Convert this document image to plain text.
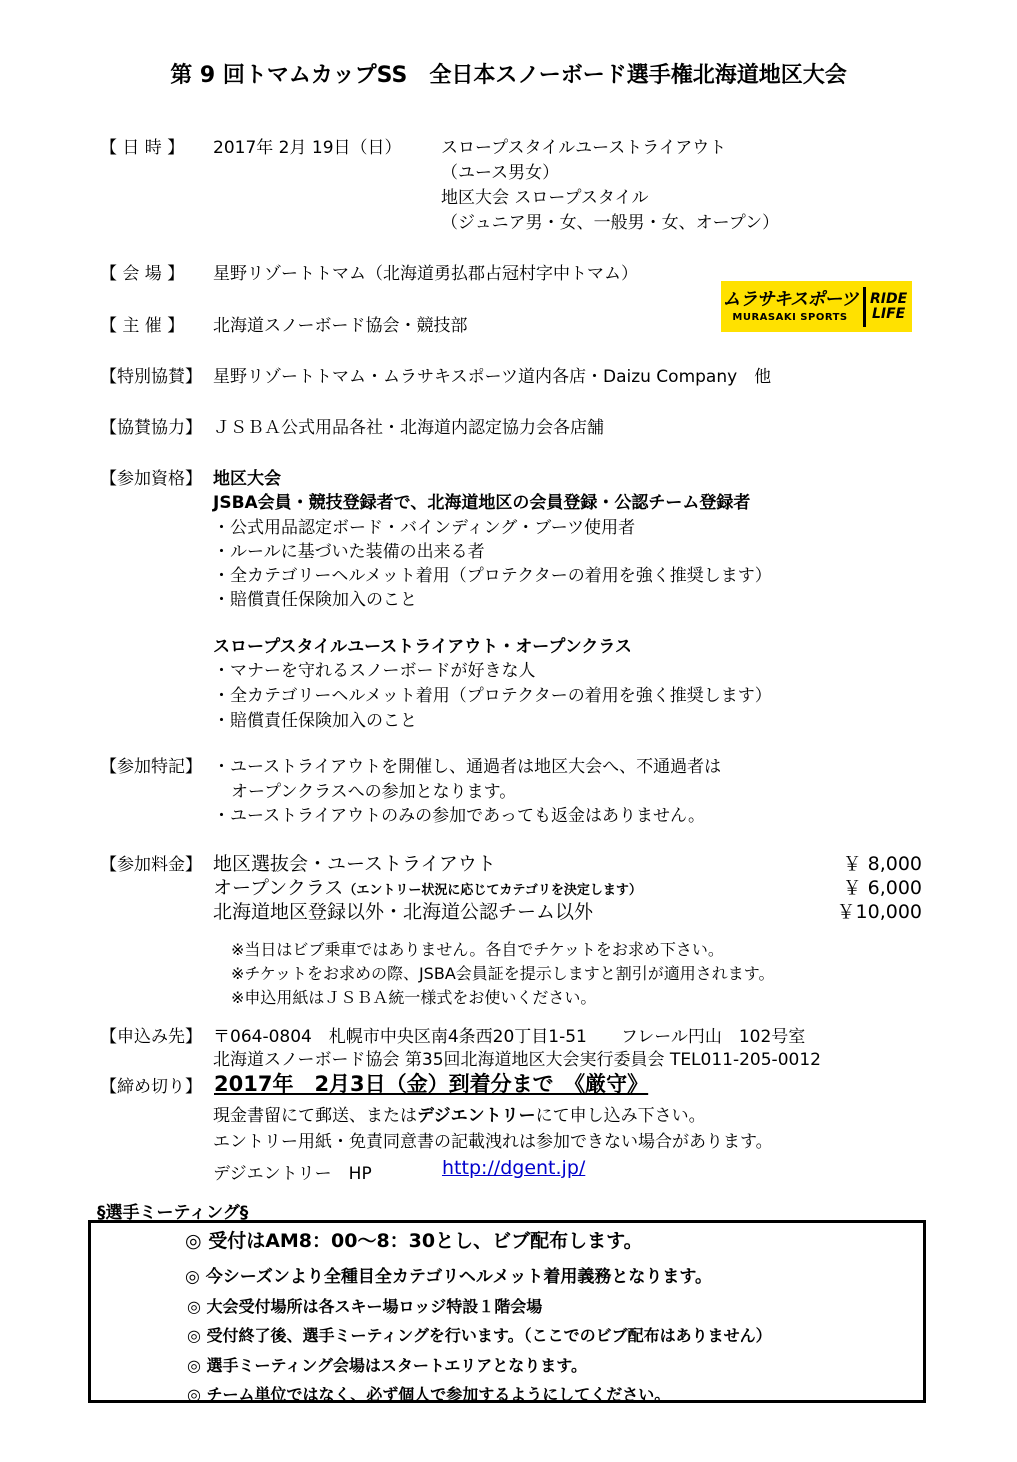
第 9 回トマムカップSS　全日本スノーボード選手権北海道地区大会
【 日 時 】 2017年 2月 19日（日） スロープスタイルユーストライアウト
（ユース男女）
地区大会 スロープスタイル
（ジュニア男・女、一般男・女、オープン）
【 会 場 】 星野リゾートトマム（北海道勇払郡占冠村字中トマム）
【 主 催 】 北海道スノーボード協会・競技部
ムラサキスポーツ
MURASAKI SPORTS
RIDE
LIFE
【特別協賛】 星野リゾートトマム・ムラサキスポーツ道内各店・Daizu Company　他
【協賛協力】 ＪＳＢＡ公式用品各社・北海道内認定協力会各店舗
【参加資格】 地区大会
JSBA会員・競技登録者で、北海道地区の会員登録・公認チーム登録者
・公式用品認定ボード・バインディング・ブーツ使用者
・ルールに基づいた装備の出来る者
・全カテゴリーヘルメット着用（プロテクターの着用を強く推奨します）
・賠償責任保険加入のこと
スロープスタイルユーストライアウト・オープンクラス
・マナーを守れるスノーボードが好きな人
・全カテゴリーヘルメット着用（プロテクターの着用を強く推奨します）
・賠償責任保険加入のこと
【参加特記】 ・ユーストライアウトを開催し、通過者は地区大会へ、不通過者は
オープンクラスへの参加となります。
・ユーストライアウトのみの参加であっても返金はありません。
【参加料金】 地区選抜会・ユーストライアウト	￥ 8,000
オープンクラス（エントリー状況に応じてカテゴリを決定します）	￥ 6,000
北海道地区登録以外・北海道公認チーム以外	￥10,000
※当日はビブ乗車ではありません。各自でチケットをお求め下さい。
※チケットをお求めの際、JSBA会員証を提示しますと割引が適用されます。
※申込用紙はＪＳＢＡ統一様式をお使いください。
【申込み先】 〒064-0804　札幌市中央区南4条西20丁目1-51　　フレール円山　102号室
北海道スノーボード協会 第35回北海道地区大会実行委員会 TEL011-205-0012
【締め切り】 2017年　2月3日（金）到着分まで　《厳守》
現金書留にて郵送、またはデジエントリーにて申し込み下さい。
エントリー用紙・免責同意書の記載洩れは参加できない場合があります。
デジエントリー　HP	http://dgent.jp/
§選手ミーティング§
◎ 受付はAM8：00～8：30とし、ビブ配布します。
◎ 今シーズンより全種目全カテゴリヘルメット着用義務となります。
◎ 大会受付場所は各スキー場ロッジ特設１階会場
◎ 受付終了後、選手ミーティングを行います。（ここでのビブ配布はありません）
◎ 選手ミーティング会場はスタートエリアとなります。
◎ チーム単位ではなく、必ず個人で参加するようにしてください。
